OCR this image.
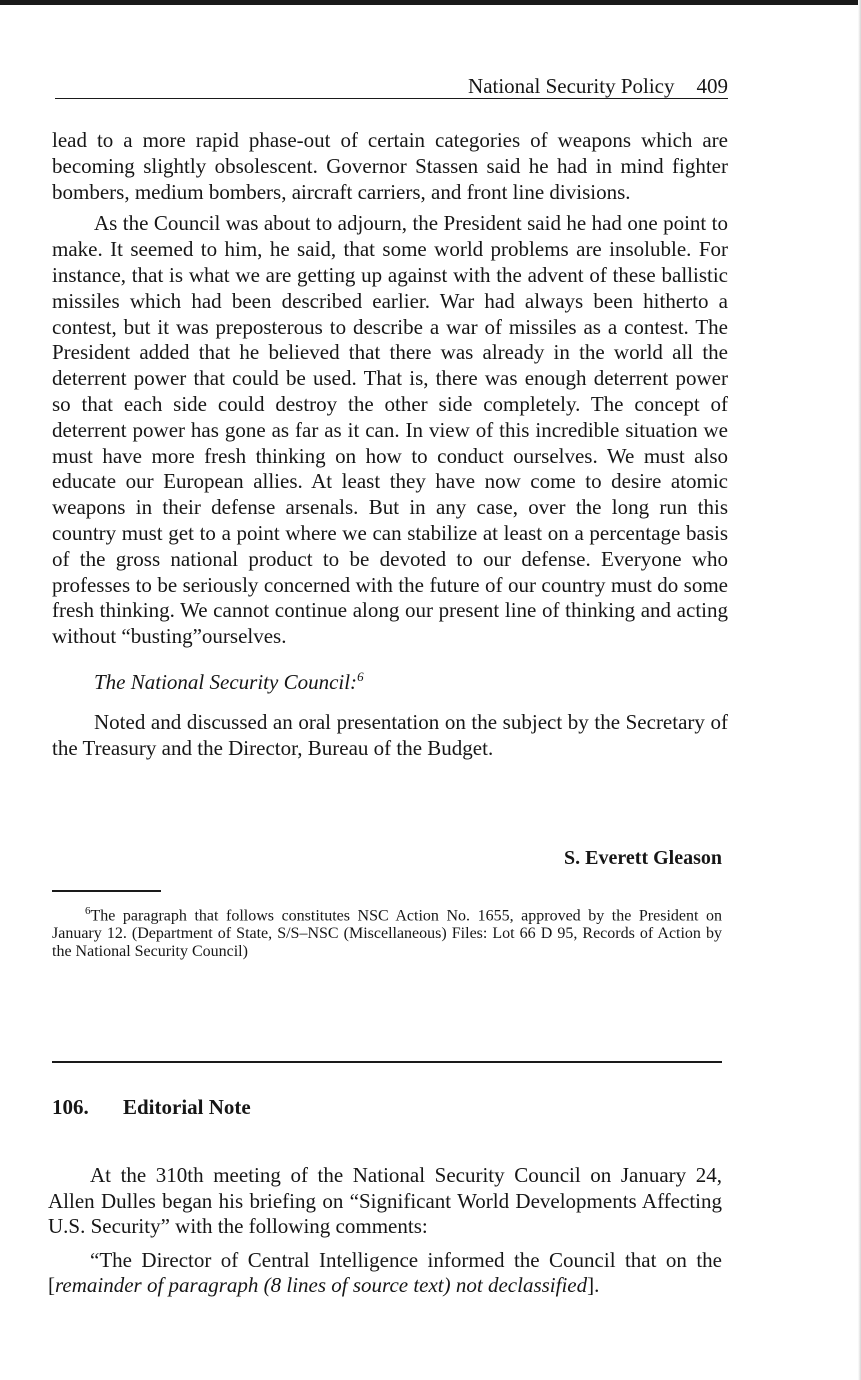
National Security Policy 409

lead to a more rapid phase-out of certain categories of weapons which are becoming slightly obsolescent. Governor Stassen said he had in mind fighter bombers, medium bombers, aircraft carriers, and front line divisions.

As the Council was about to adjourn, the President said he had one point to make. It seemed to him, he said, that some world problems are insoluble. For instance, that is what we are getting up against with the advent of these ballistic missiles which had been described earlier. War had always been hitherto a contest, but it was preposterous to describe a war of missiles as a contest. The President added that he believed that there was already in the world all the deterrent power that could be used. That is, there was enough deterrent power so that each side could destroy the other side completely. The concept of deterrent power has gone as far as it can. In view of this incredible situation we must have more fresh thinking on how to conduct ourselves. We must also educate our European allies. At least they have now come to desire atomic weapons in their defense arsenals. But in any case, over the long run this country must get to a point where we can stabilize at least on a percentage basis of the gross national product to be devoted to our defense. Everyone who professes to be seriously concerned with the future of our country must do some fresh thinking. We cannot continue along our present line of thinking and acting without “busting”ourselves.

The National Security Council:$^6$

Noted and discussed an oral presentation on the subject by the Secretary of the Treasury and the Director, Bureau of the Budget.

S. Everett Gleason
$^6$The paragraph that follows constitutes NSC Action No. 1655, approved by the President on January 12. (Department of State, S/S–NSC (Miscellaneous) Files: Lot 66 D 95, Records of Action by the National Security Council)
106. Editorial Note

At the 310th meeting of the National Security Council on January 24, Allen Dulles began his briefing on “Significant World Developments Affecting U.S. Security” with the following comments:

“The Director of Central Intelligence informed the Council that on the [remainder of paragraph (8 lines of source text) not declassified].
